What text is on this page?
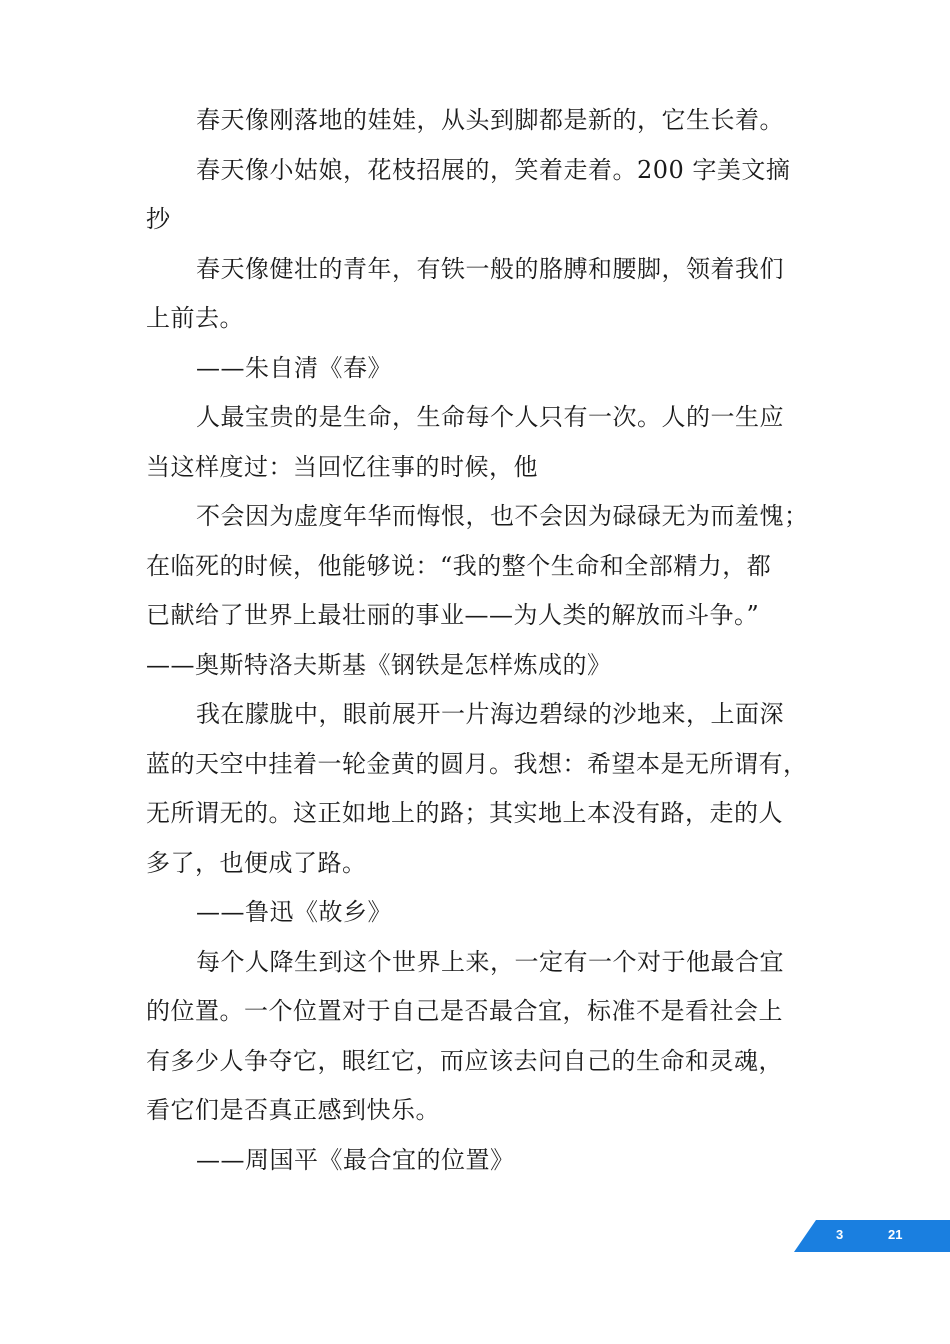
春天像刚落地的娃娃，从头到脚都是新的，它生长着。

春天像小姑娘，花枝招展的，笑着走着。200 字美文摘
抄

春天像健壮的青年，有铁一般的胳膊和腰脚，领着我们
上前去。

——朱自清《春》

人最宝贵的是生命，生命每个人只有一次。人的一生应
当这样度过：当回忆往事的时候，他

不会因为虚度年华而悔恨，也不会因为碌碌无为而羞愧；
在临死的时候，他能够说：“我的整个生命和全部精力，都
已献给了世界上最壮丽的事业——为人类的解放而斗争。”
——奥斯特洛夫斯基《钢铁是怎样炼成的》

我在朦胧中，眼前展开一片海边碧绿的沙地来，上面深
蓝的天空中挂着一轮金黄的圆月。我想：希望本是无所谓有，
无所谓无的。这正如地上的路；其实地上本没有路，走的人
多了，也便成了路。

——鲁迅《故乡》

每个人降生到这个世界上来，一定有一个对于他最合宜
的位置。一个位置对于自己是否最合宜，标准不是看社会上
有多少人争夺它，眼红它，而应该去问自己的生命和灵魂，
看它们是否真正感到快乐。

——周国平《最合宜的位置》

3	21
